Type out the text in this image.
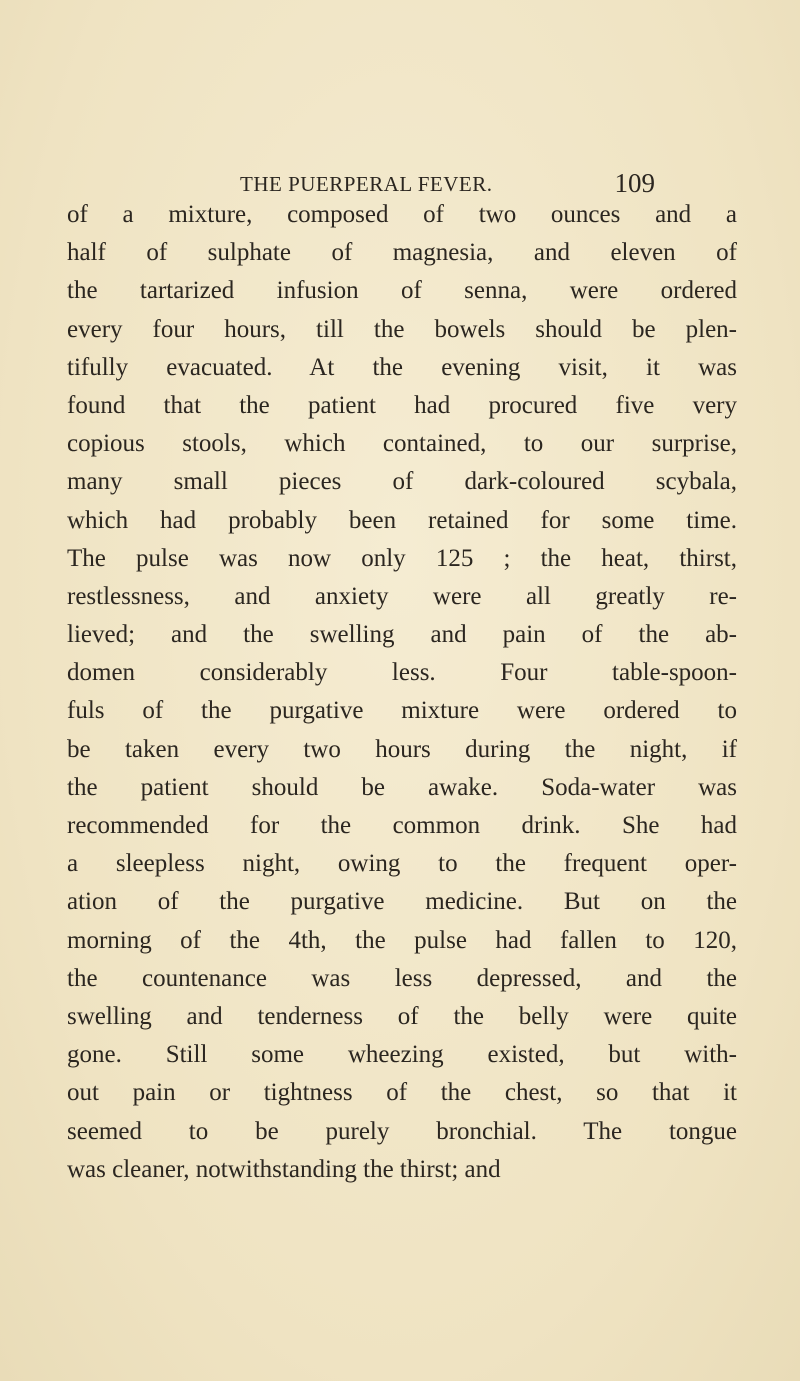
THE PUERPERAL FEVER.	109
of a mixture, composed of two ounces and a
half of sulphate of magnesia, and eleven of
the tartarized infusion of senna, were ordered
every four hours, till the bowels should be plen-
tifully evacuated. At the evening visit, it was
found that the patient had procured five very
copious stools, which contained, to our surprise,
many small pieces of dark-coloured scybala,
which had probably been retained for some time.
The pulse was now only 125 ; the heat, thirst,
restlessness, and anxiety were all greatly re-
lieved; and the swelling and pain of the ab-
domen considerably less. Four table-spoon-
fuls of the purgative mixture were ordered to
be taken every two hours during the night, if
the patient should be awake. Soda-water was
recommended for the common drink. She had
a sleepless night, owing to the frequent oper-
ation of the purgative medicine. But on the
morning of the 4th, the pulse had fallen to 120,
the countenance was less depressed, and the
swelling and tenderness of the belly were quite
gone. Still some wheezing existed, but with-
out pain or tightness of the chest, so that it
seemed to be purely bronchial. The tongue
was cleaner, notwithstanding the thirst; and
